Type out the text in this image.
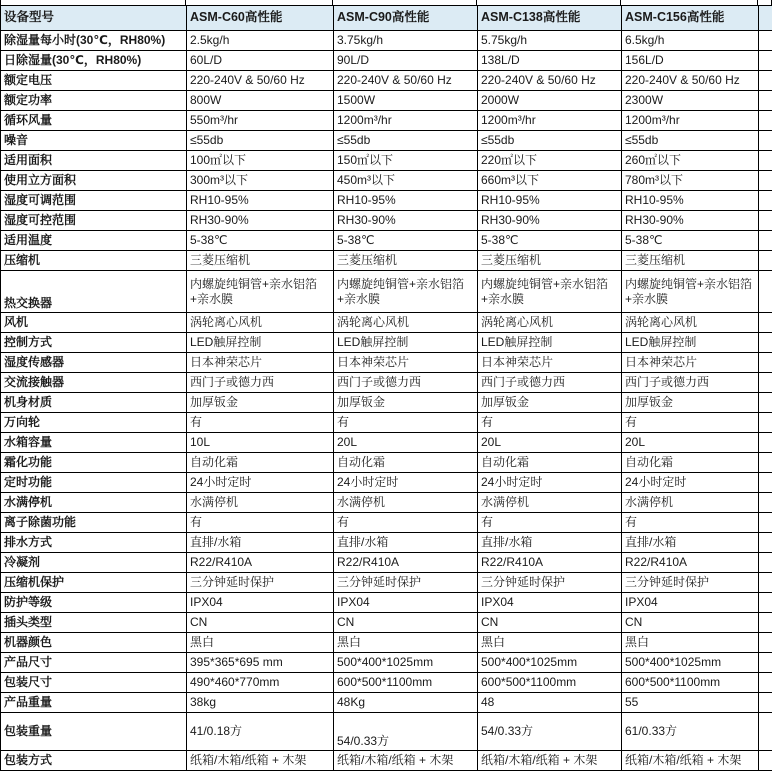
设备型号	ASM-C60高性能	ASM-C90高性能	ASM-C138高性能	ASM-C156高性能	
除湿量每小时(30℃，RH80%)	2.5kg/h	3.75kg/h	5.75kg/h	6.5kg/h	
日除湿量(30℃，RH80%)	60L/D	90L/D	138L/D	156L/D	
额定电压	220-240V & 50/60 Hz	220-240V & 50/60 Hz	220-240V & 50/60 Hz	220-240V & 50/60 Hz	
额定功率	800W	1500W	2000W	2300W	
循环风量	550m³/hr	1200m³/hr	1200m³/hr	1200m³/hr	
噪音	≤55db	≤55db	≤55db	≤55db	
适用面积	100㎡以下	150㎡以下	220㎡以下	260㎡以下	
使用立方面积	300m³以下	450m³以下	660m³以下	780m³以下	
湿度可调范围	RH10-95%	RH10-95%	RH10-95%	RH10-95%	
湿度可控范围	RH30-90%	RH30-90%	RH30-90%	RH30-90%	
适用温度	5-38℃	5-38℃	5-38℃	5-38℃	
压缩机	三菱压缩机	三菱压缩机	三菱压缩机	三菱压缩机	
热交换器	内螺旋纯铜管+亲水铝箔+亲水膜	内螺旋纯铜管+亲水铝箔+亲水膜	内螺旋纯铜管+亲水铝箔+亲水膜	内螺旋纯铜管+亲水铝箔+亲水膜	
风机	涡轮离心风机	涡轮离心风机	涡轮离心风机	涡轮离心风机	
控制方式	LED触屏控制	LED触屏控制	LED触屏控制	LED触屏控制	
湿度传感器	日本神荣芯片	日本神荣芯片	日本神荣芯片	日本神荣芯片	
交流接触器	西门子或德力西	西门子或德力西	西门子或德力西	西门子或德力西	
机身材质	加厚钣金	加厚钣金	加厚钣金	加厚钣金	
万向轮	有	有	有	有	
水箱容量	10L	20L	20L	20L	
霜化功能	自动化霜	自动化霜	自动化霜	自动化霜	
定时功能	24小时定时	24小时定时	24小时定时	24小时定时	
水满停机	水满停机	水满停机	水满停机	水满停机	
离子除菌功能	有	有	有	有	
排水方式	直排/水箱	直排/水箱	直排/水箱	直排/水箱	
冷凝剂	R22/R410A	R22/R410A	R22/R410A	R22/R410A	
压缩机保护	三分钟延时保护	三分钟延时保护	三分钟延时保护	三分钟延时保护	
防护等级	IPX04	IPX04	IPX04	IPX04	
插头类型	CN	CN	CN	CN	
机器颜色	黑白	黑白	黑白	黑白	
产品尺寸	395*365*695 mm	500*400*1025mm	500*400*1025mm	500*400*1025mm	
包装尺寸	490*460*770mm	600*500*1100mm	600*500*1100mm	600*500*1100mm	
产品重量	38kg	48Kg	48	55	
包装重量	41/0.18方	54/0.33方	54/0.33方	61/0.33方	
包装方式	纸箱/木箱/纸箱 + 木架	纸箱/木箱/纸箱 + 木架	纸箱/木箱/纸箱 + 木架	纸箱/木箱/纸箱 + 木架	
